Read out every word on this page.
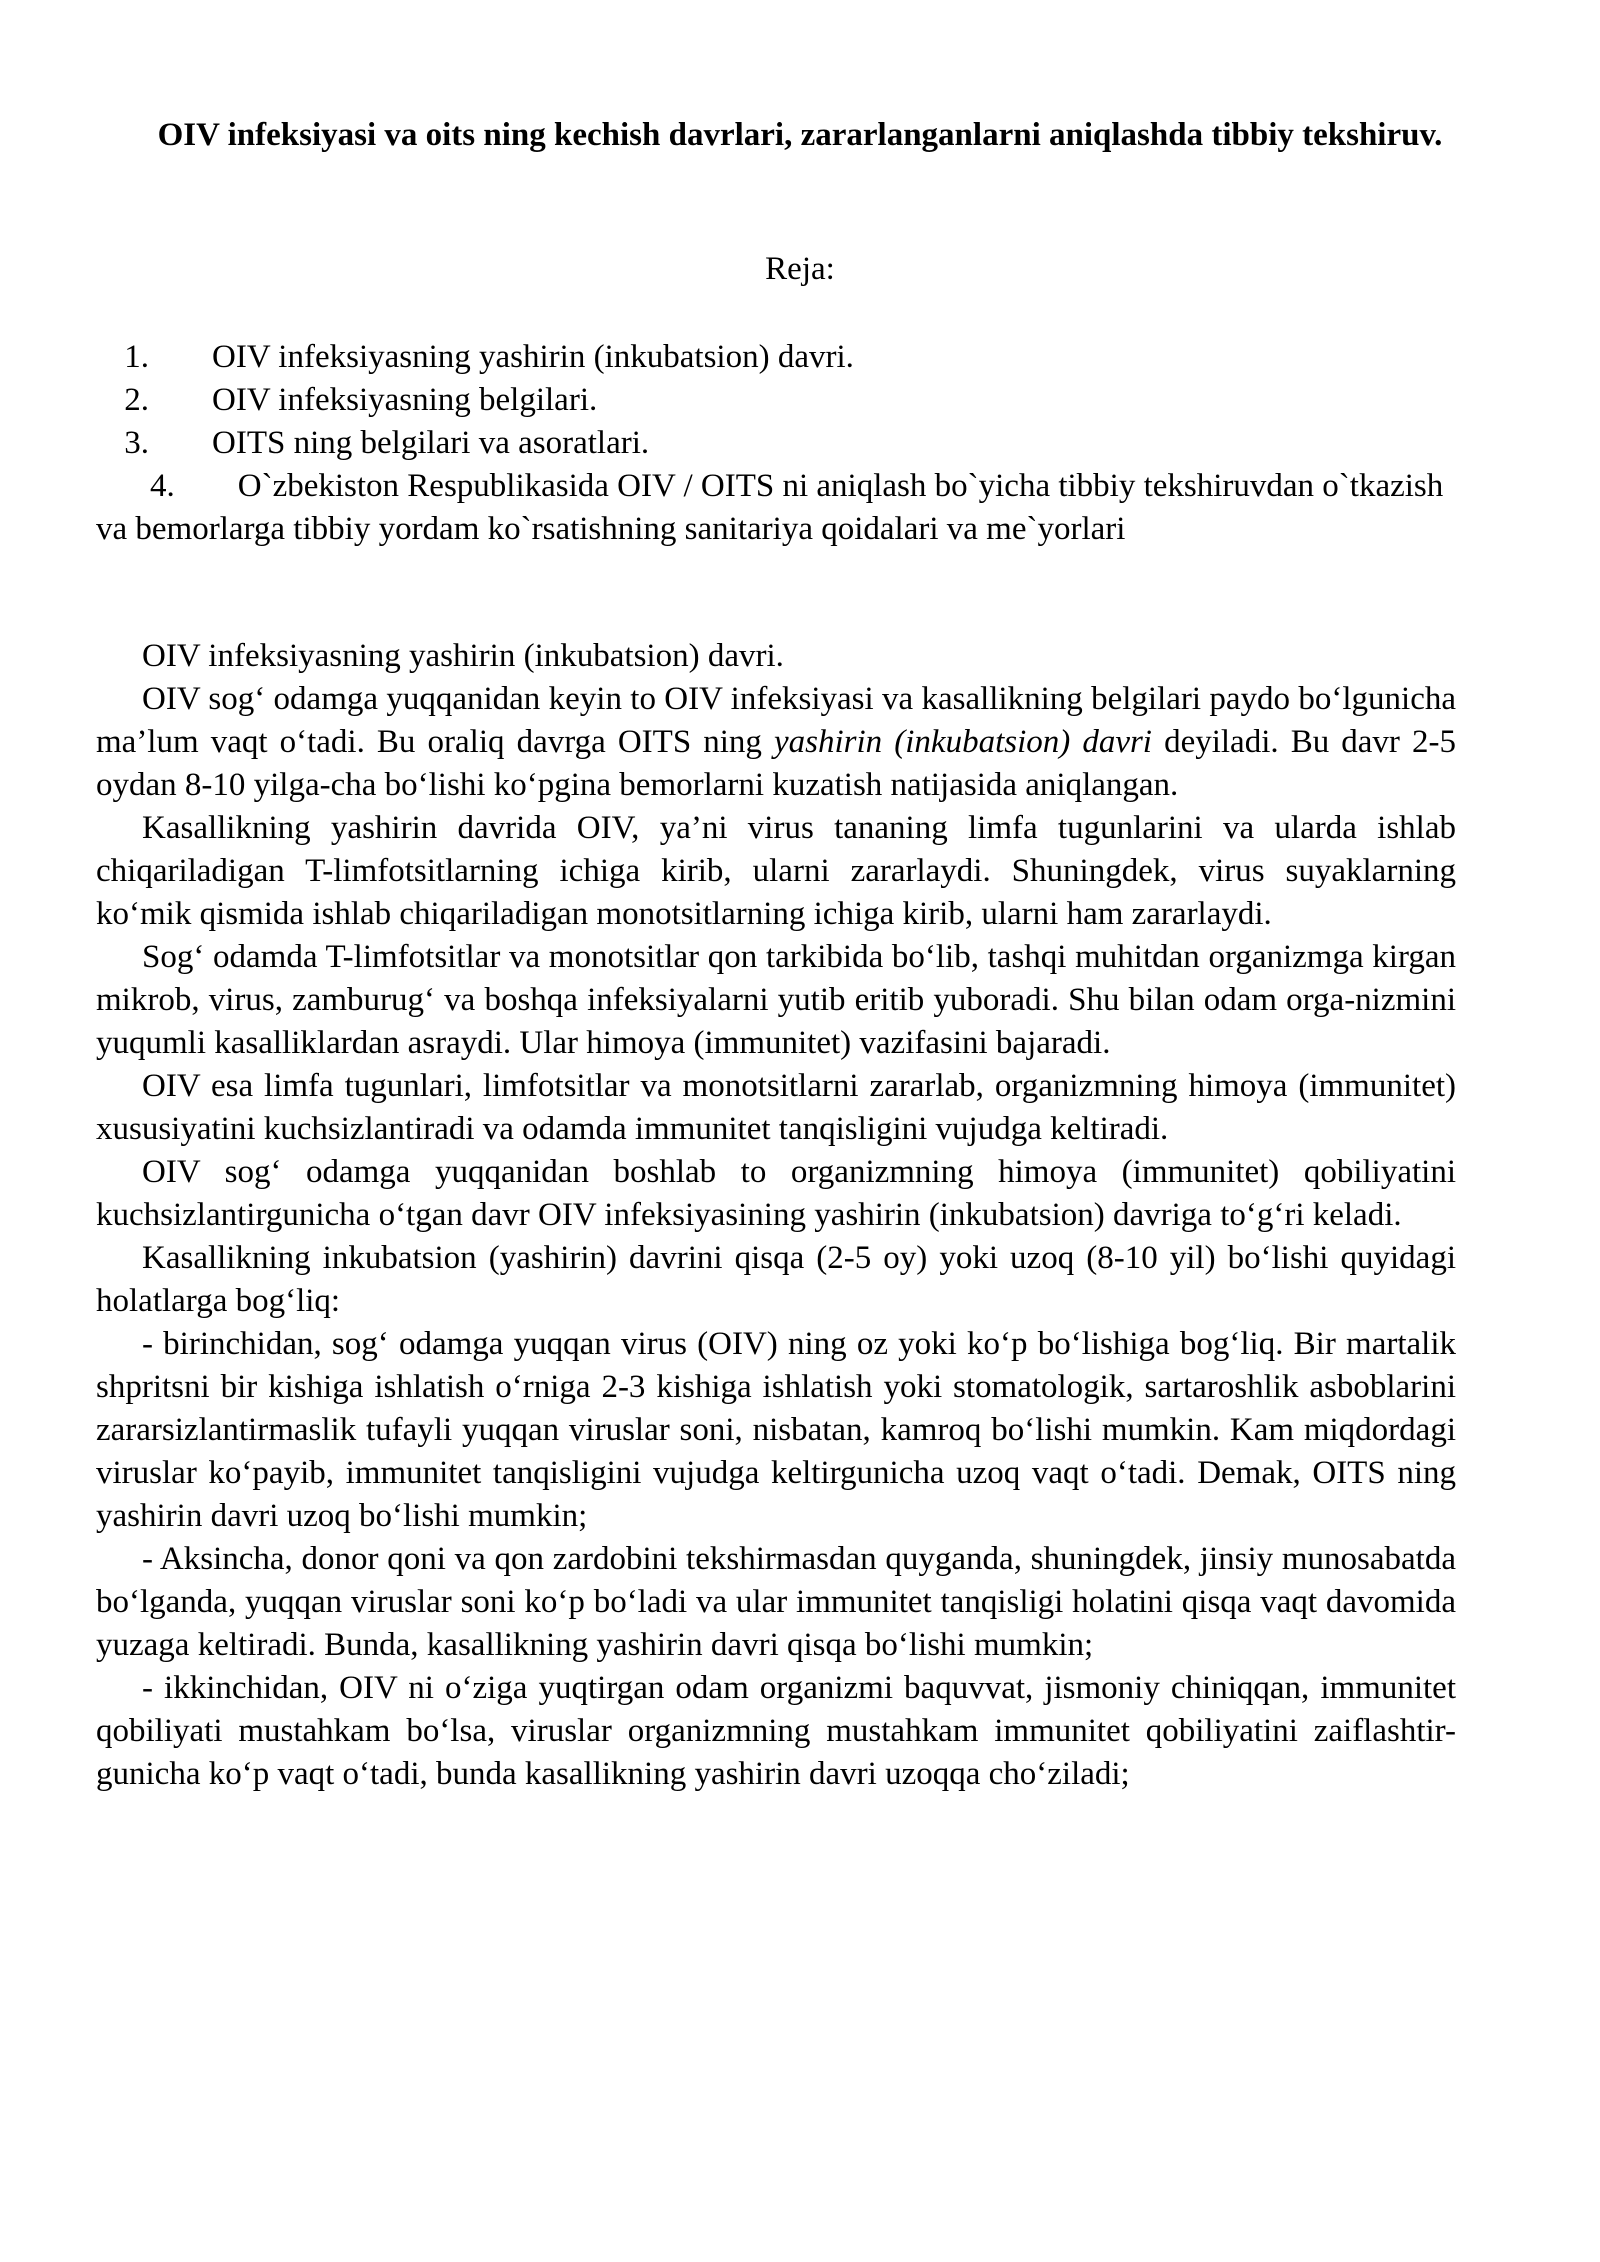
OIV infeksiyasi va oits ning kechish davrlari, zararlanganlarni aniqlashda tibbiy tekshiruv.
Reja:
1. OIV infeksiyasning yashirin (inkubatsion) davri.
2. OIV infeksiyasning belgilari.
3. OITS ning belgilari va asoratlari.
4. O`zbekiston Respublikasida OIV / OITS ni aniqlash bo`yicha tibbiy tekshiruvdan o`tkazish va bemorlarga tibbiy yordam ko`rsatishning sanitariya qoidalari va me`yorlari

OIV infeksiyasning yashirin (inkubatsion) davri.

OIV sog‘ odamga yuqqanidan keyin to OIV infeksiyasi va kasallikning belgilari paydo bo‘lgunicha ma’lum vaqt o‘tadi. Bu oraliq davrga OITS ning yashirin (inkubatsion) davri deyiladi. Bu davr 2-5 oydan 8-10 yilga-cha bo‘lishi ko‘pgina bemorlarni kuzatish natijasida aniqlangan.

Kasallikning yashirin davrida OIV, ya’ni virus tananing limfa tugunlarini va ularda ishlab chiqariladigan T-limfotsitlarning ichiga kirib, ularni zararlaydi. Shuningdek, virus suyaklarning ko‘mik qismida ishlab chiqariladigan monotsitlarning ichiga kirib, ularni ham zararlaydi.

Sog‘ odamda T-limfotsitlar va monotsitlar qon tarkibida bo‘lib, tashqi muhitdan organizmga kirgan mikrob, virus, zamburug‘ va boshqa infeksiyalarni yutib eritib yuboradi. Shu bilan odam orga-nizmini yuqumli kasalliklardan asraydi. Ular himoya (immunitet) vazifasini bajaradi.

OIV esa limfa tugunlari, limfotsitlar va monotsitlarni zararlab, organizmning himoya (immunitet) xususiyatini kuchsizlantiradi va odamda immunitet tanqisligini vujudga keltiradi.

OIV sog‘ odamga yuqqanidan boshlab to organizmning himoya (immunitet) qobiliyatini kuchsizlantirgunicha o‘tgan davr OIV infeksiyasining yashirin (inkubatsion) davriga to‘g‘ri keladi.

Kasallikning inkubatsion (yashirin) davrini qisqa (2-5 oy) yoki uzoq (8-10 yil) bo‘lishi quyidagi holatlarga bog‘liq:

- birinchidan, sog‘ odamga yuqqan virus (OIV) ning oz yoki ko‘p bo‘lishiga bog‘liq. Bir martalik shpritsni bir kishiga ishlatish o‘rniga 2-3 kishiga ishlatish yoki stomatologik, sartaroshlik asboblarini zararsizlantirmaslik tufayli yuqqan viruslar soni, nisbatan, kamroq bo‘lishi mumkin. Kam miqdordagi viruslar ko‘payib, immunitet tanqisligini vujudga keltirgunicha uzoq vaqt o‘tadi. Demak, OITS ning yashirin davri uzoq bo‘lishi mumkin;

- Aksincha, donor qoni va qon zardobini tekshirmasdan quyganda, shuningdek, jinsiy munosabatda bo‘lganda, yuqqan viruslar soni ko‘p bo‘ladi va ular immunitet tanqisligi holatini qisqa vaqt davomida yuzaga keltiradi. Bunda, kasallikning yashirin davri qisqa bo‘lishi mumkin;

- ikkinchidan, OIV ni o‘ziga yuqtirgan odam organizmi baquvvat, jismoniy chiniqqan, immunitet qobiliyati mustahkam bo‘lsa, viruslar organizmning mustahkam immunitet qobiliyatini zaiflashtir-gunicha ko‘p vaqt o‘tadi, bunda kasallikning yashirin davri uzoqqa cho‘ziladi;
